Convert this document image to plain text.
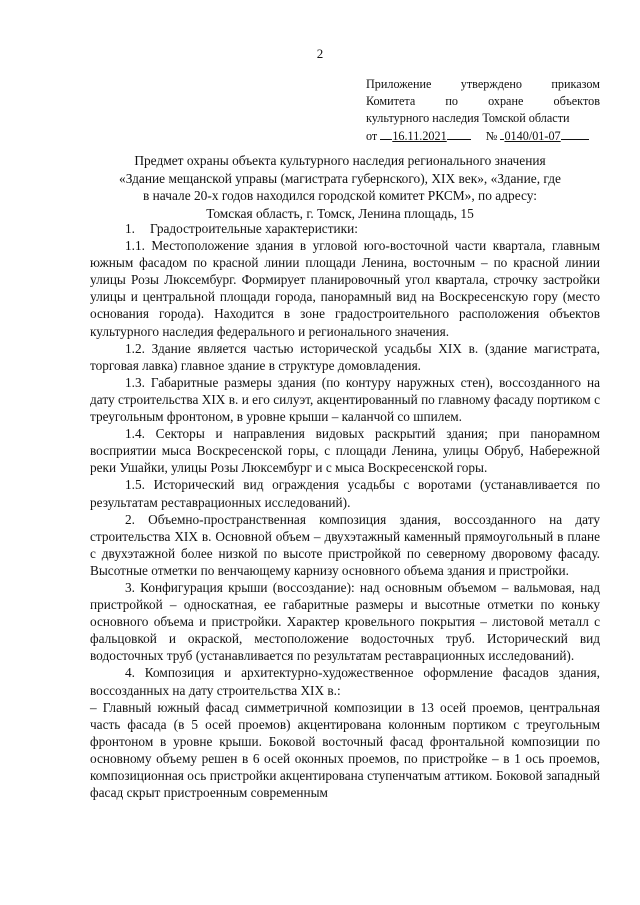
2
Приложение утверждено приказом
Комитета по охране объектов
культурного наследия Томской области
от 16.11.2021	№ 0140/01-07
Предмет охраны объекта культурного наследия регионального значения
«Здание мещанской управы (магистрата губернского), XIX век», «Здание, где
в начале 20-х годов находился городской комитет РКСМ», по адресу:
Томская область, г. Томск, Ленина площадь, 15
1.	Градостроительные характеристики:

1.1. Местоположение здания в угловой юго-восточной части квартала, главным южным фасадом по красной линии площади Ленина, восточным – по красной линии улицы Розы Люксембург. Формирует планировочный угол квартала, строчку застройки улицы и центральной площади города, панорамный вид на Воскресенскую гору (место основания города). Находится в зоне градостроительного расположения объектов культурного наследия федерального и регионального значения.

1.2. Здание является частью исторической усадьбы XIX в. (здание магистрата, торговая лавка) главное здание в структуре домовладения.

1.3. Габаритные размеры здания (по контуру наружных стен), воссозданного на дату строительства XIX в. и его силуэт, акцентированный по главному фасаду портиком с треугольным фронтоном, в уровне крыши – каланчой со шпилем.

1.4. Секторы и направления видовых раскрытий здания; при панорамном восприятии мыса Воскресенской горы, с площади Ленина, улицы Обруб, Набережной реки Ушайки, улицы Розы Люксембург и с мыса Воскресенской горы.

1.5. Исторический вид ограждения усадьбы с воротами (устанавливается по результатам реставрационных исследований).

2. Объемно-пространственная композиция здания, воссозданного на дату строительства XIX в. Основной объем – двухэтажный каменный прямоугольный в плане с двухэтажной более низкой по высоте пристройкой по северному дворовому фасаду. Высотные отметки по венчающему карнизу основного объема здания и пристройки.

3. Конфигурация крыши (воссоздание): над основным объемом – вальмовая, над пристройкой – односкатная, ее габаритные размеры и высотные отметки по коньку основного объема и пристройки. Характер кровельного покрытия – листовой металл с фальцовкой и окраской, местоположение водосточных труб. Исторический вид водосточных труб (устанавливается по результатам реставрационных исследований).

4. Композиция и архитектурно-художественное оформление фасадов здания, воссозданных на дату строительства XIX в.:

– Главный южный фасад симметричной композиции в 13 осей проемов, центральная часть фасада (в 5 осей проемов) акцентирована колонным портиком с треугольным фронтоном в уровне крыши. Боковой восточный фасад фронтальной композиции по основному объему решен в 6 осей оконных проемов, по пристройке – в 1 ось проемов, композиционная ось пристройки акцентирована ступенчатым аттиком. Боковой западный фасад скрыт пристроенным современным
